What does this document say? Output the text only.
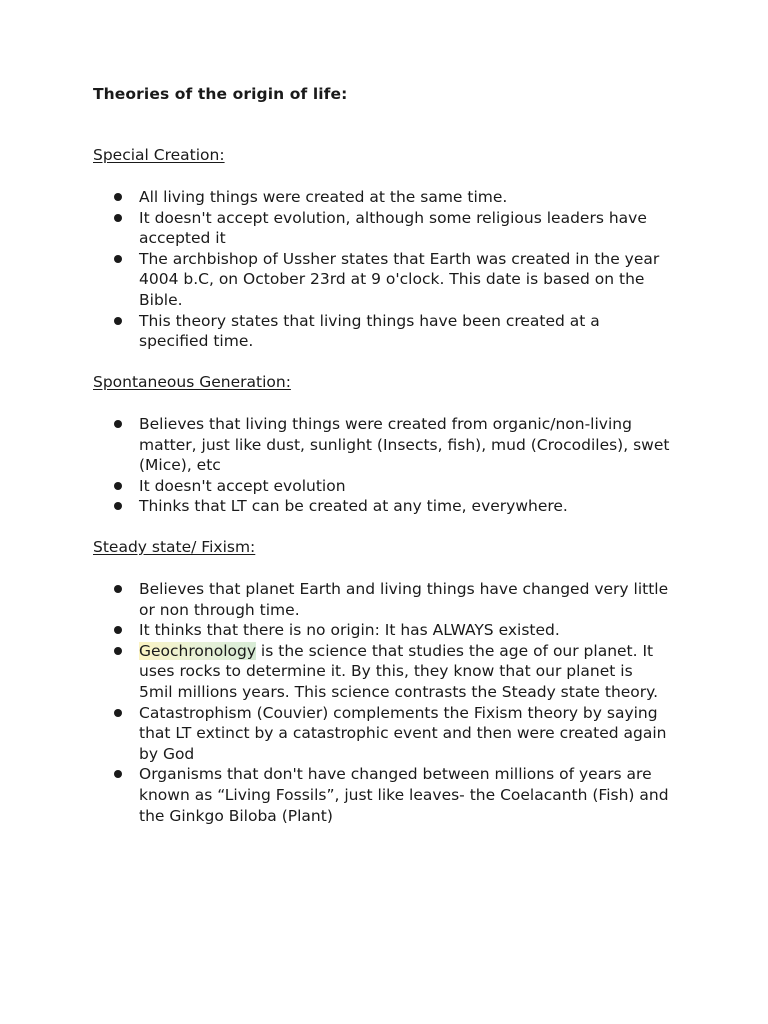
Theories of the origin of life:
Special Creation:
All living things were created at the same time.
It doesn't accept evolution, although some religious leaders have accepted it
The archbishop of Ussher states that Earth was created in the year 4004 b.C, on October 23rd at 9 o'clock. This date is based on the Bible.
This theory states that living things have been created at a specified time.
Spontaneous Generation:
Believes that living things were created from organic/non-living matter, just like dust, sunlight (Insects, fish), mud (Crocodiles), swet (Mice), etc
It doesn't accept evolution
Thinks that LT can be created at any time, everywhere.
Steady state/ Fixism:
Believes that planet Earth and living things have changed very little or non through time.
It thinks that there is no origin: It has ALWAYS existed.
Geochronology is the science that studies the age of our planet. It uses rocks to determine it. By this, they know that our planet is 5mil millions years. This science contrasts the Steady state theory.
Catastrophism (Couvier) complements the Fixism theory by saying that LT extinct by a catastrophic event and then were created again by God
Organisms that don't have changed between millions of years are known as “Living Fossils”, just like leaves- the Coelacanth (Fish) and the Ginkgo Biloba (Plant)
